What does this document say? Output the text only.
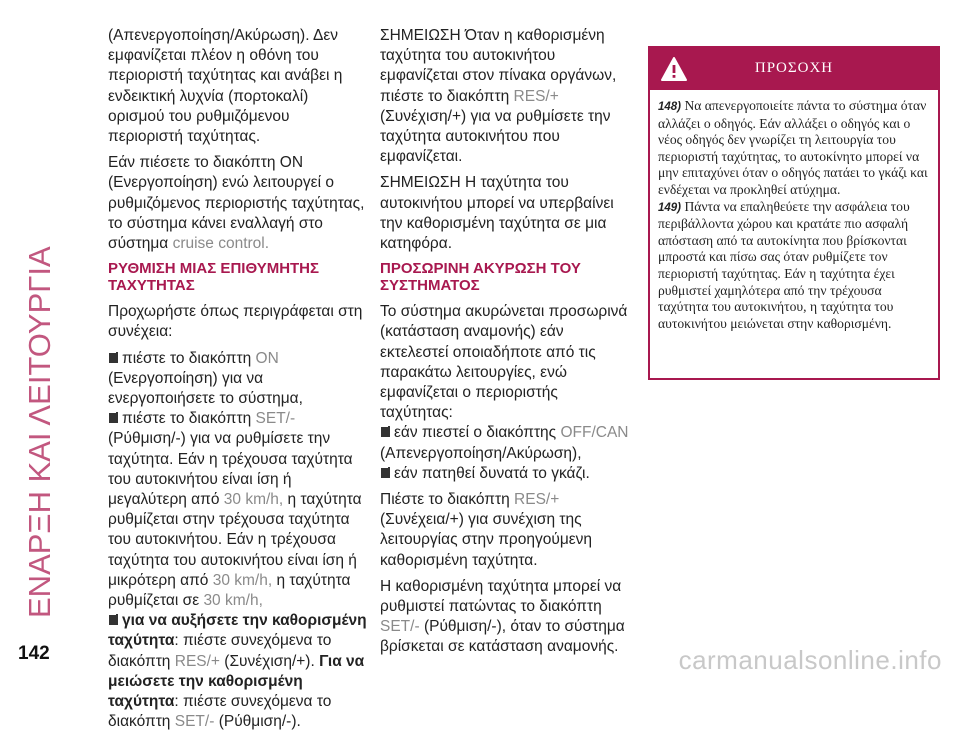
ΕΝΑΡΞΗ ΚΑΙ ΛΕΙΤΟΥΡΓΙΑ

(Απενεργοποίηση/Ακύρωση). Δεν εμφανίζεται πλέον η οθόνη του περιοριστή ταχύτητας και ανάβει η ενδεικτική λυχνία (πορτοκαλί) ορισμού του ρυθμιζόμενου περιοριστή ταχύτητας.

Εάν πιέσετε το διακόπτη ON (Ενεργοποίηση) ενώ λειτουργεί ο ρυθμιζόμενος περιοριστής ταχύτητας, το σύστημα κάνει εναλλαγή στο σύστημα cruise control.

ΡΥΘΜΙΣΗ ΜΙΑΣ ΕΠΙΘΥΜΗΤΗΣ ΤΑΧΥΤΗΤΑΣ

Προχωρήστε όπως περιγράφεται στη συνέχεια:

πιέστε το διακόπτη ON (Ενεργοποίηση) για να ενεργοποιήσετε το σύστημα,
πιέστε το διακόπτη SET/- (Ρύθμιση/-) για να ρυθμίσετε την ταχύτητα. Εάν η τρέχουσα ταχύτητα του αυτοκινήτου είναι ίση ή μεγαλύτερη από 30 km/h, η ταχύτητα ρυθμίζεται στην τρέχουσα ταχύτητα του αυτοκινήτου. Εάν η τρέχουσα ταχύτητα του αυτοκινήτου είναι ίση ή μικρότερη από 30 km/h, η ταχύτητα ρυθμίζεται σε 30 km/h,
για να αυξήσετε την καθορισμένη ταχύτητα: πιέστε συνεχόμενα το διακόπτη RES/+ (Συνέχιση/+). Για να μειώσετε την καθορισμένη ταχύτητα: πιέστε συνεχόμενα το διακόπτη SET/- (Ρύθμιση/-).

ΣΗΜΕΙΩΣΗ Όταν η καθορισμένη ταχύτητα του αυτοκινήτου εμφανίζεται στον πίνακα οργάνων, πιέστε το διακόπτη RES/+ (Συνέχιση/+) για να ρυθμίσετε την ταχύτητα αυτοκινήτου που εμφανίζεται.

ΣΗΜΕΙΩΣΗ Η ταχύτητα του αυτοκινήτου μπορεί να υπερβαίνει την καθορισμένη ταχύτητα σε μια κατηφόρα.

ΠΡΟΣΩΡΙΝΗ ΑΚΥΡΩΣΗ ΤΟΥ ΣΥΣΤΗΜΑΤΟΣ

Το σύστημα ακυρώνεται προσωρινά (κατάσταση αναμονής) εάν εκτελεστεί οποιαδήποτε από τις παρακάτω λειτουργίες, ενώ εμφανίζεται ο περιοριστής ταχύτητας:

εάν πιεστεί ο διακόπτης OFF/CAN (Απενεργοποίηση/Ακύρωση),
εάν πατηθεί δυνατά το γκάζι.

Πιέστε το διακόπτη RES/+ (Συνέχεια/+) για συνέχιση της λειτουργίας στην προηγούμενη καθορισμένη ταχύτητα.

Η καθορισμένη ταχύτητα μπορεί να ρυθμιστεί πατώντας το διακόπτη SET/- (Ρύθμιση/-), όταν το σύστημα βρίσκεται σε κατάσταση αναμονής.

ΠΡΟΣΟΧΗ

148) Να απενεργοποιείτε πάντα το σύστημα όταν αλλάζει ο οδηγός. Εάν αλλάξει ο οδηγός και ο νέος οδηγός δεν γνωρίζει τη λειτουργία του περιοριστή ταχύτητας, το αυτοκίνητο μπορεί να μην επιταχύνει όταν ο οδηγός πατάει το γκάζι και ενδέχεται να προκληθεί ατύχημα.

149) Πάντα να επαληθεύετε την ασφάλεια του περιβάλλοντα χώρου και κρατάτε πιο ασφαλή απόσταση από τα αυτοκίνητα που βρίσκονται μπροστά και πίσω σας όταν ρυθμίζετε τον περιοριστή ταχύτητας. Εάν η ταχύτητα έχει ρυθμιστεί χαμηλότερα από την τρέχουσα ταχύτητα του αυτοκινήτου, η ταχύτητα του αυτοκινήτου μειώνεται στην καθορισμένη.

142	carmanualsonline.info
